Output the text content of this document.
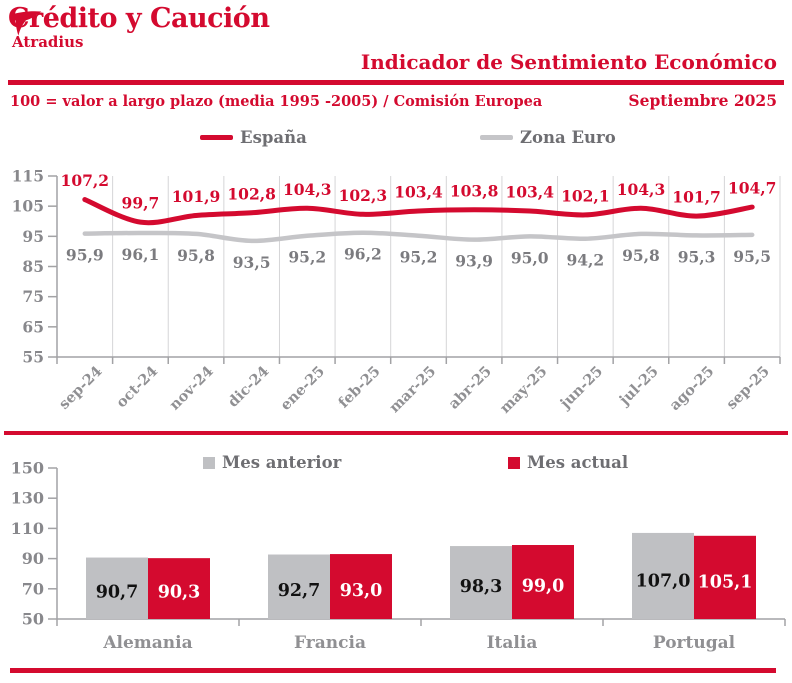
Crédito y Caución
Atradius
Indicador de Sentimiento Económico
100 = valor a largo plazo (media 1995 -2005) / Comisión Europea	Septiembre 2025
España	Zona Euro
55
65
75
85
95
105
115
sep-24 oct-24 nov-24 dic-24 ene-25 feb-25 mar-25 abr-25 may-25 jun-25 jul-25 ago-25 sep-25
107,2
99,7 101,9 102,8 104,3 102,3 103,4 103,8 103,4 102,1 104,3 101,7 104,7
95,9 96,1 95,8 93,5 95,2 96,2 95,2 93,9 95,0 94,2 95,8 95,3 95,5
Mes anterior	Mes actual
50
70
90
110
130
150
90,7 90,3
Alemania
92,7 93,0
Francia
98,3 99,0
Italia
107,0 105,1
Portugal
